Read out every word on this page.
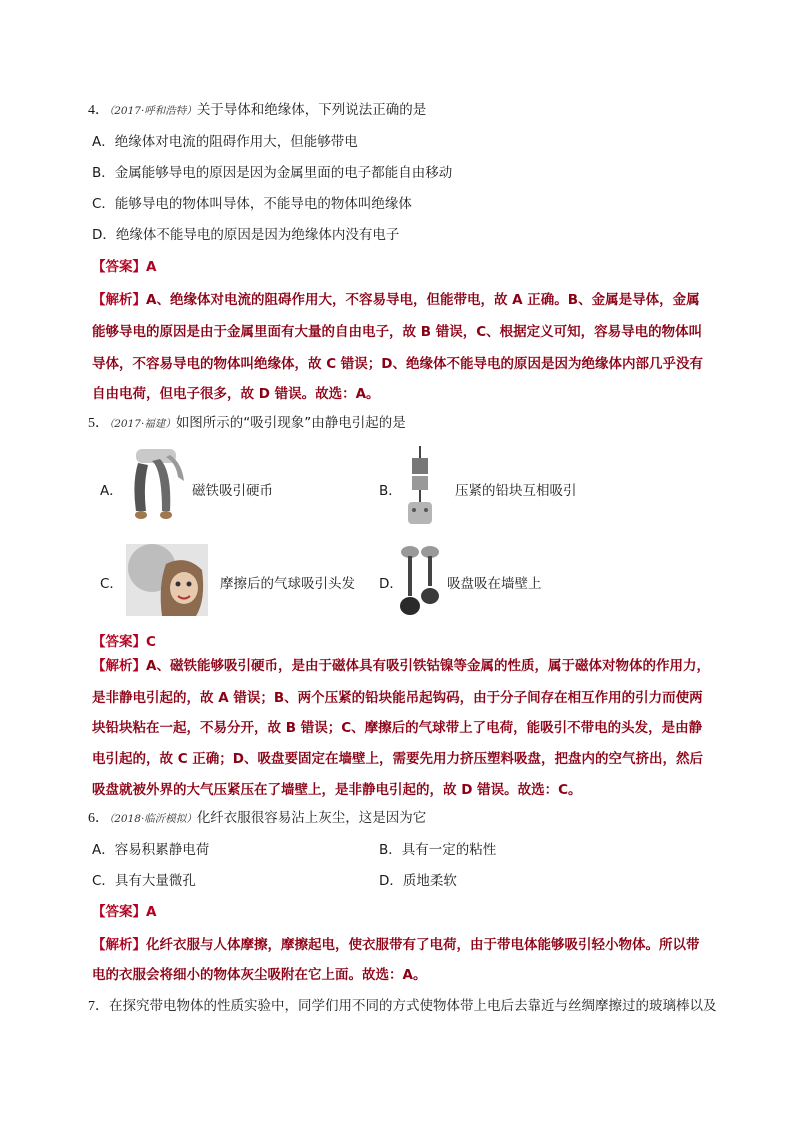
4．（2017·呼和浩特）关于导体和绝缘体，下列说法正确的是
A．绝缘体对电流的阻碍作用大，但能够带电
B．金属能够导电的原因是因为金属里面的电子都能自由移动
C．能够导电的物体叫导体，不能导电的物体叫绝缘体
D．绝缘体不能导电的原因是因为绝缘体内没有电子
【答案】A
【解析】A、绝缘体对电流的阻碍作用大，不容易导电，但能带电，故 A 正确。B、金属是导体，金属
能够导电的原因是由于金属里面有大量的自由电子，故 B 错误，C、根据定义可知，容易导电的物体叫
导体，不容易导电的物体叫绝缘体，故 C 错误；D、绝缘体不能导电的原因是因为绝缘体内部几乎没有
自由电荷，但电子很多，故 D 错误。故选：A。
5．（2017·福建）如图所示的“吸引现象”由静电引起的是
A．	磁铁吸引硬币	B．	压紧的铅块互相吸引
C．	摩擦后的气球吸引头发 D．	吸盘吸在墙壁上
【答案】C
【解析】A、磁铁能够吸引硬币，是由于磁体具有吸引铁钴镍等金属的性质，属于磁体对物体的作用力，
是非静电引起的，故 A 错误；B、两个压紧的铅块能吊起钩码，由于分子间存在相互作用的引力而使两
块铅块粘在一起，不易分开，故 B 错误；C、摩擦后的气球带上了电荷，能吸引不带电的头发，是由静
电引起的，故 C 正确；D、吸盘要固定在墙壁上，需要先用力挤压塑料吸盘，把盘内的空气挤出，然后
吸盘就被外界的大气压紧压在了墙壁上，是非静电引起的，故 D 错误。故选：C。
6．（2018·临沂模拟）化纤衣服很容易沾上灰尘，这是因为它
A．容易积累静电荷	B．具有一定的粘性
C．具有大量微孔	D．质地柔软
【答案】A
【解析】化纤衣服与人体摩擦，摩擦起电，使衣服带有了电荷，由于带电体能够吸引轻小物体。所以带
电的衣服会将细小的物体灰尘吸附在它上面。故选：A。
7．在探究带电物体的性质实验中，同学们用不同的方式使物体带上电后去靠近与丝绸摩擦过的玻璃棒以及
